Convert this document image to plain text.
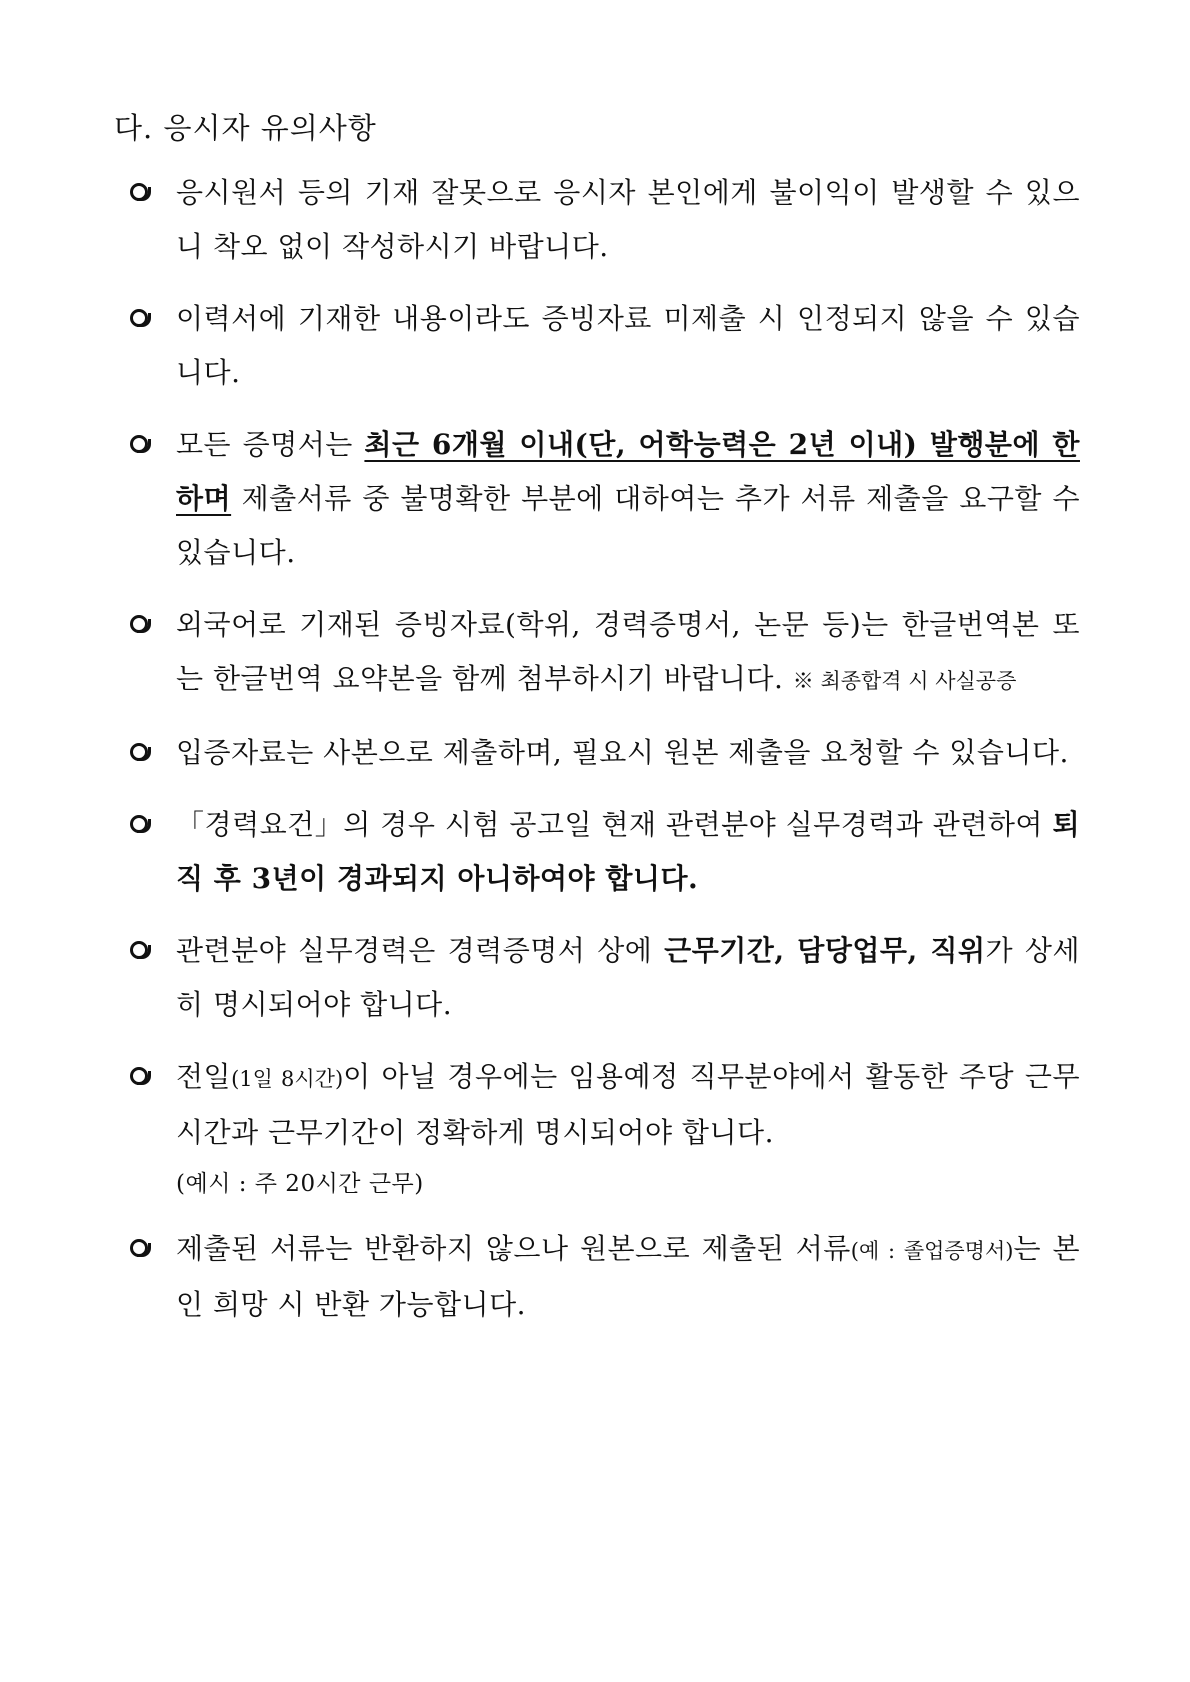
다. 응시자 유의사항
응시원서 등의 기재 잘못으로 응시자 본인에게 불이익이 발생할 수 있으니 착오 없이 작성하시기 바랍니다.
이력서에 기재한 내용이라도 증빙자료 미제출 시 인정되지 않을 수 있습니다.
모든 증명서는 최근 6개월 이내(단, 어학능력은 2년 이내) 발행분에 한하며 제출서류 중 불명확한 부분에 대하여는 추가 서류 제출을 요구할 수 있습니다.
외국어로 기재된 증빙자료(학위, 경력증명서, 논문 등)는 한글번역본 또는 한글번역 요약본을 함께 첨부하시기 바랍니다. ※ 최종합격 시 사실공증
입증자료는 사본으로 제출하며, 필요시 원본 제출을 요청할 수 있습니다.
「경력요건」의 경우 시험 공고일 현재 관련분야 실무경력과 관련하여 퇴직 후 3년이 경과되지 아니하여야 합니다.
관련분야 실무경력은 경력증명서 상에 근무기간, 담당업무, 직위가 상세히 명시되어야 합니다.
전일(1일 8시간)이 아닐 경우에는 임용예정 직무분야에서 활동한 주당 근무시간과 근무기간이 정확하게 명시되어야 합니다.
(예시 : 주 20시간 근무)
제출된 서류는 반환하지 않으나 원본으로 제출된 서류(예 : 졸업증명서)는 본인 희망 시 반환 가능합니다.
